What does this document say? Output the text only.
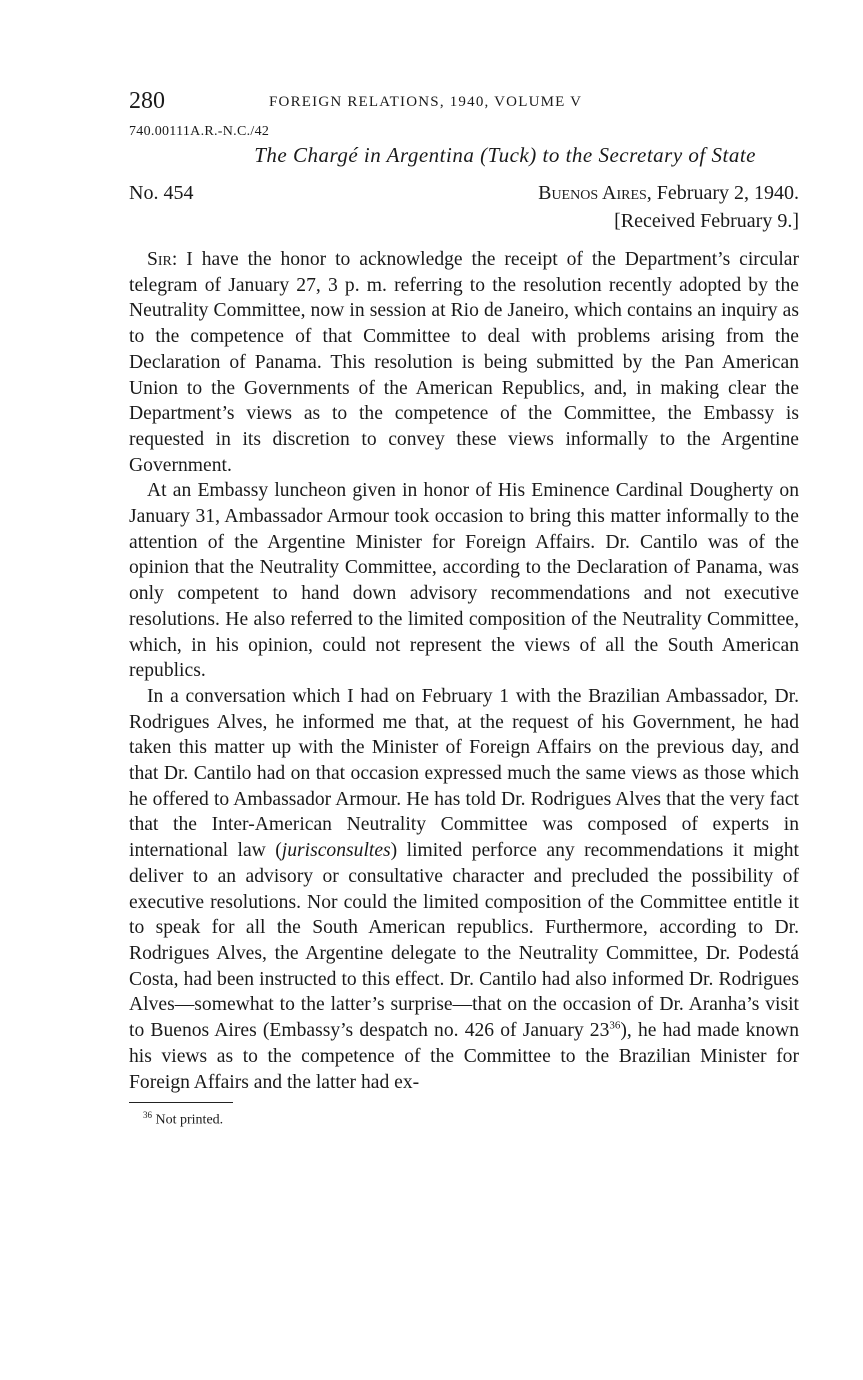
280	FOREIGN RELATIONS, 1940, VOLUME V
740.00111A.R.-N.C./42
The Chargé in Argentina (Tuck) to the Secretary of State
No. 454	Buenos Aires, February 2, 1940.
[Received February 9.]

Sir: I have the honor to acknowledge the receipt of the Department’s circular telegram of January 27, 3 p. m. referring to the resolution recently adopted by the Neutrality Committee, now in session at Rio de Janeiro, which contains an inquiry as to the competence of that Committee to deal with problems arising from the Declaration of Panama. This resolution is being submitted by the Pan American Union to the Governments of the American Republics, and, in making clear the Department’s views as to the competence of the Committee, the Embassy is requested in its discretion to convey these views informally to the Argentine Government.

At an Embassy luncheon given in honor of His Eminence Cardinal Dougherty on January 31, Ambassador Armour took occasion to bring this matter informally to the attention of the Argentine Minister for Foreign Affairs. Dr. Cantilo was of the opinion that the Neutrality Committee, according to the Declaration of Panama, was only competent to hand down advisory recommendations and not executive resolutions. He also referred to the limited composition of the Neutrality Committee, which, in his opinion, could not represent the views of all the South American republics.

In a conversation which I had on February 1 with the Brazilian Ambassador, Dr. Rodrigues Alves, he informed me that, at the request of his Government, he had taken this matter up with the Minister of Foreign Affairs on the previous day, and that Dr. Cantilo had on that occasion expressed much the same views as those which he offered to Ambassador Armour. He has told Dr. Rodrigues Alves that the very fact that the Inter-American Neutrality Committee was composed of experts in international law (jurisconsultes) limited perforce any recommendations it might deliver to an advisory or consultative character and precluded the possibility of executive resolutions. Nor could the limited composition of the Committee entitle it to speak for all the South American republics. Furthermore, according to Dr. Rodrigues Alves, the Argentine delegate to the Neutrality Committee, Dr. Podestá Costa, had been instructed to this effect. Dr. Cantilo had also informed Dr. Rodrigues Alves—somewhat to the latter’s surprise—that on the occasion of Dr. Aranha’s visit to Buenos Aires (Embassy’s despatch no. 426 of January $23^{36}$), he had made known his views as to the competence of the Committee to the Brazilian Minister for Foreign Affairs and the latter had ex-

$^{36}$ Not printed.
